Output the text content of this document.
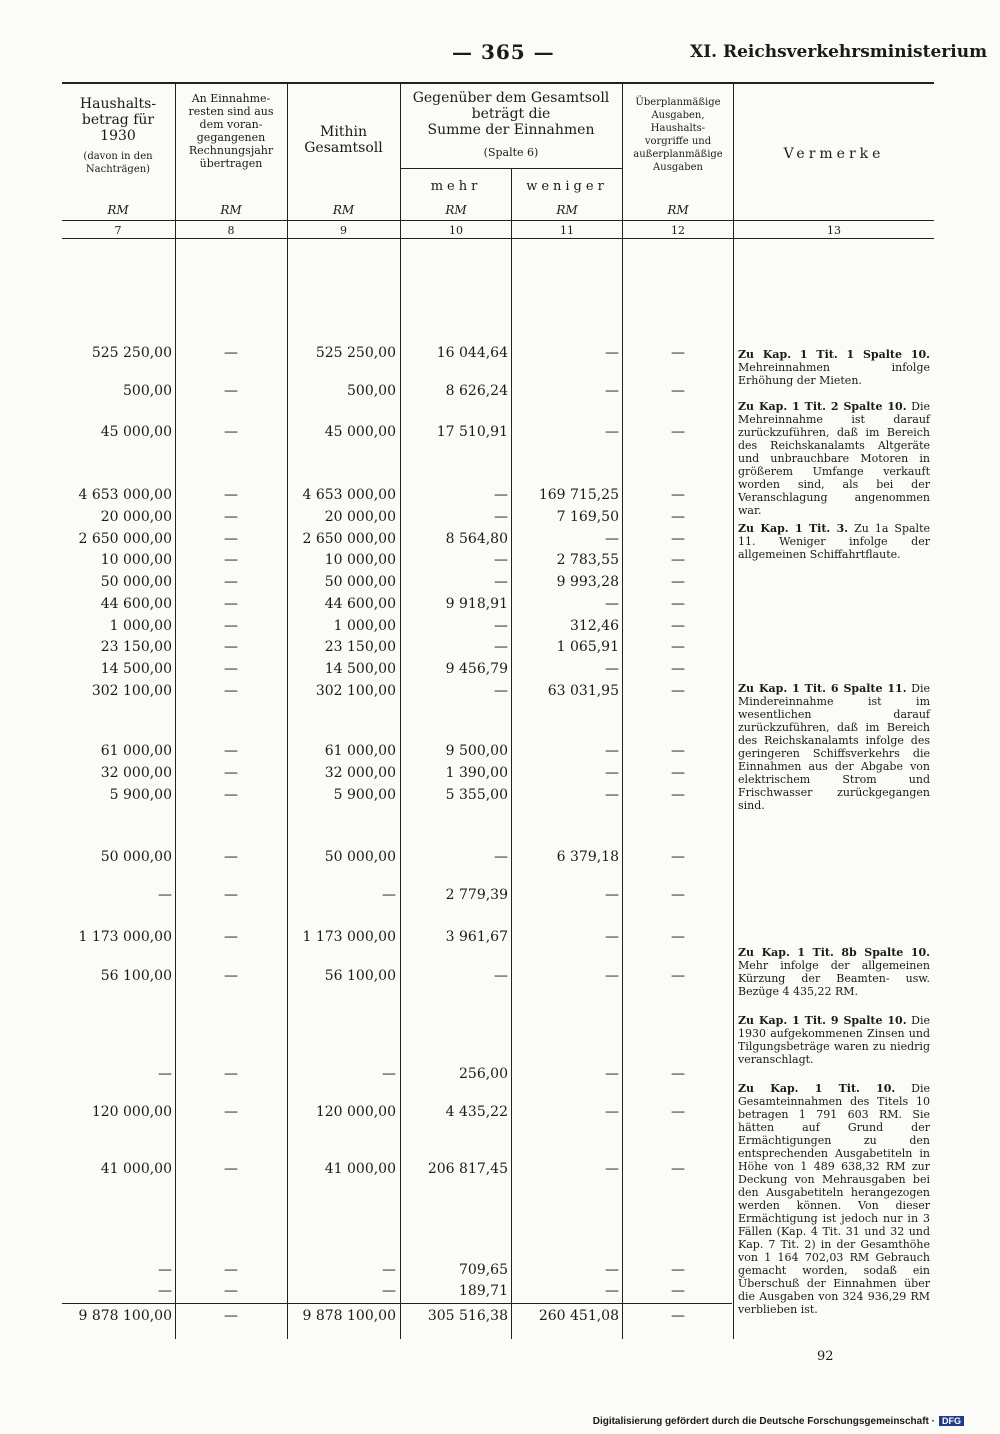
— 365 —	XI. Reichsverkehrsministerium
Haushalts-
betrag für
1930
(davon in den
Nachträgen)
An Einnahme-
resten sind aus
dem voran-
gegangenen
Rechnungsjahr
übertragen
Mithin
Gesamtsoll
Gegenüber dem Gesamtsoll
beträgt die
Summe der Einnahmen
(Spalte 6)
mehr	weniger
Überplanmäßige
Ausgaben,
Haushalts-
vorgriffe und
außerplanmäßige
Ausgaben
Vermerke
RM	RM	RM	RM	RM	RM
7	8	9	10	11	12	13
525 250,00	—	525 250,00	16 044,64	—	—
500,00	—	500,00	8 626,24	—	—
45 000,00	—	45 000,00	17 510,91	—	—
4 653 000,00	—	4 653 000,00	—	169 715,25	—
20 000,00	—	20 000,00	—	7 169,50	—
2 650 000,00	—	2 650 000,00	8 564,80	—	—
10 000,00	—	10 000,00	—	2 783,55	—
50 000,00	—	50 000,00	—	9 993,28	—
44 600,00	—	44 600,00	9 918,91	—	—
1 000,00	—	1 000,00	—	312,46	—
23 150,00	—	23 150,00	—	1 065,91	—
14 500,00	—	14 500,00	9 456,79	—	—
302 100,00	—	302 100,00	—	63 031,95	—
61 000,00	—	61 000,00	9 500,00	—	—
32 000,00	—	32 000,00	1 390,00	—	—
5 900,00	—	5 900,00	5 355,00	—	—
50 000,00	—	50 000,00	—	6 379,18	—
—	—	—	2 779,39	—	—
1 173 000,00	—	1 173 000,00	3 961,67	—	—
56 100,00	—	56 100,00	—	—	—
—	—	—	256,00	—	—
120 000,00	—	120 000,00	4 435,22	—	—
41 000,00	—	41 000,00	206 817,45	—	—
—	—	—	709,65	—	—
—	—	—	189,71	—	—
9 878 100,00	—	9 878 100,00	305 516,38	260 451,08	—
Zu Kap. 1 Tit. 1 Spalte 10. Mehreinnahmen infolge Erhöhung der Mieten.
Zu Kap. 1 Tit. 2 Spalte 10. Die Mehreinnahme ist darauf zurückzuführen, daß im Bereich des Reichskanalamts Altgeräte und unbrauchbare Motoren in größerem Umfange verkauft worden sind, als bei der Veranschlagung angenommen war.
Zu Kap. 1 Tit. 3. Zu 1a Spalte 11. Weniger infolge der allgemeinen Schiffahrtflaute.
Zu Kap. 1 Tit. 6 Spalte 11. Die Mindereinnahme ist im wesentlichen darauf zurückzuführen, daß im Bereich des Reichskanalamts infolge des geringeren Schiffsverkehrs die Einnahmen aus der Abgabe von elektrischem Strom und Frischwasser zurückgegangen sind.
Zu Kap. 1 Tit. 8b Spalte 10. Mehr infolge der allgemeinen Kürzung der Beamten- usw. Bezüge 4 435,22 RM.
Zu Kap. 1 Tit. 9 Spalte 10. Die 1930 aufgekommenen Zinsen und Tilgungsbeträge waren zu niedrig veranschlagt.
Zu Kap. 1 Tit. 10. Die Gesamteinnahmen des Titels 10 betragen 1 791 603 RM. Sie hätten auf Grund der Ermächtigungen zu den entsprechenden Ausgabetiteln in Höhe von 1 489 638,32 RM zur Deckung von Mehrausgaben bei den Ausgabetiteln herangezogen werden können. Von dieser Ermächtigung ist jedoch nur in 3 Fällen (Kap. 4 Tit. 31 und 32 und Kap. 7 Tit. 2) in der Gesamthöhe von 1 164 702,03 RM Gebrauch gemacht worden, sodaß ein Überschuß der Einnahmen über die Ausgaben von 324 936,29 RM verblieben ist.
92
Digitalisierung gefördert durch die Deutsche Forschungsgemeinschaft · DFG
